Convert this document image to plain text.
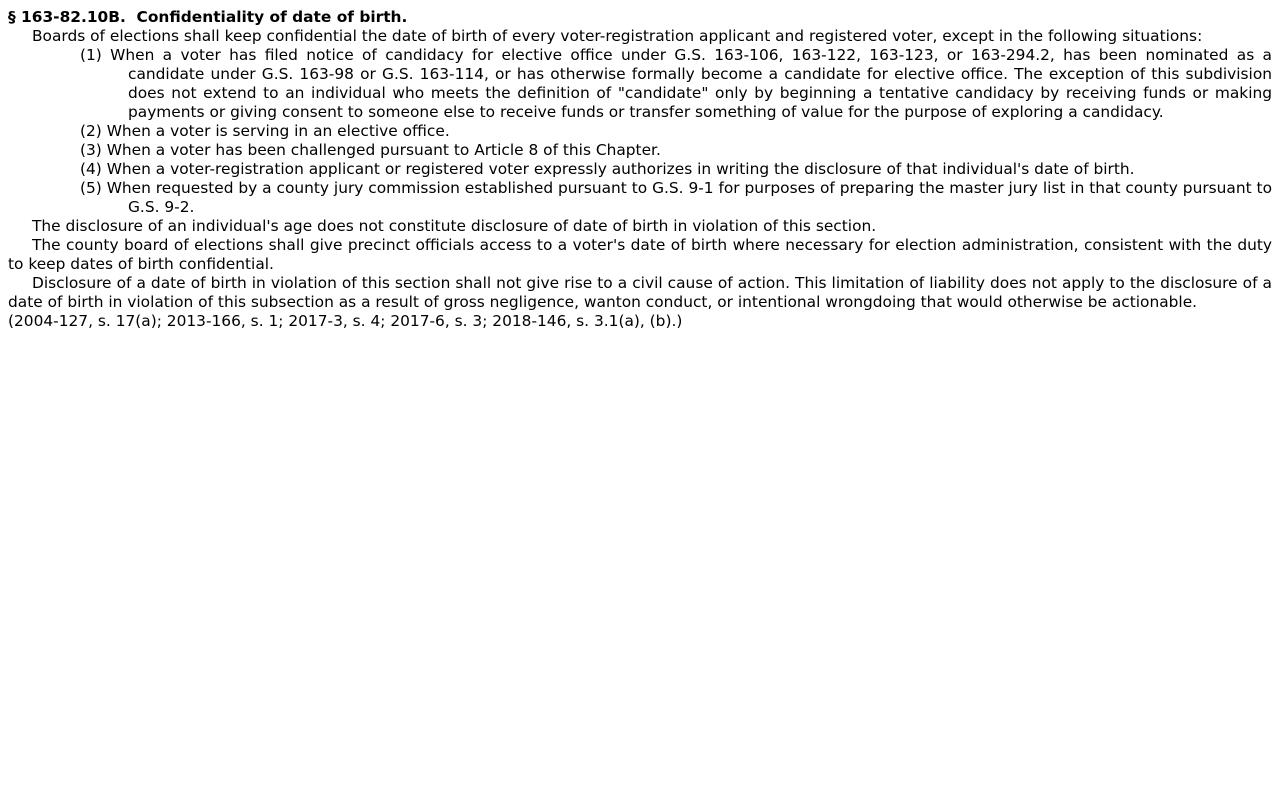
§ 163-82.10B. Confidentiality of date of birth.

Boards of elections shall keep confidential the date of birth of every voter-registration applicant and registered voter, except in the following situations:

(1) When a voter has filed notice of candidacy for elective office under G.S. 163-106, 163-122, 163-123, or 163-294.2, has been nominated as a candidate under G.S. 163-98 or G.S. 163-114, or has otherwise formally become a candidate for elective office. The exception of this subdivision does not extend to an individual who meets the definition of "candidate" only by beginning a tentative candidacy by receiving funds or making payments or giving consent to someone else to receive funds or transfer something of value for the purpose of exploring a candidacy.

(2) When a voter is serving in an elective office.

(3) When a voter has been challenged pursuant to Article 8 of this Chapter.

(4) When a voter-registration applicant or registered voter expressly authorizes in writing the disclosure of that individual's date of birth.

(5) When requested by a county jury commission established pursuant to G.S. 9-1 for purposes of preparing the master jury list in that county pursuant to G.S. 9-2.

The disclosure of an individual's age does not constitute disclosure of date of birth in violation of this section.

The county board of elections shall give precinct officials access to a voter's date of birth where necessary for election administration, consistent with the duty to keep dates of birth confidential.

Disclosure of a date of birth in violation of this section shall not give rise to a civil cause of action. This limitation of liability does not apply to the disclosure of a date of birth in violation of this subsection as a result of gross negligence, wanton conduct, or intentional wrongdoing that would otherwise be actionable.

(2004-127, s. 17(a); 2013-166, s. 1; 2017-3, s. 4; 2017-6, s. 3; 2018-146, s. 3.1(a), (b).)
